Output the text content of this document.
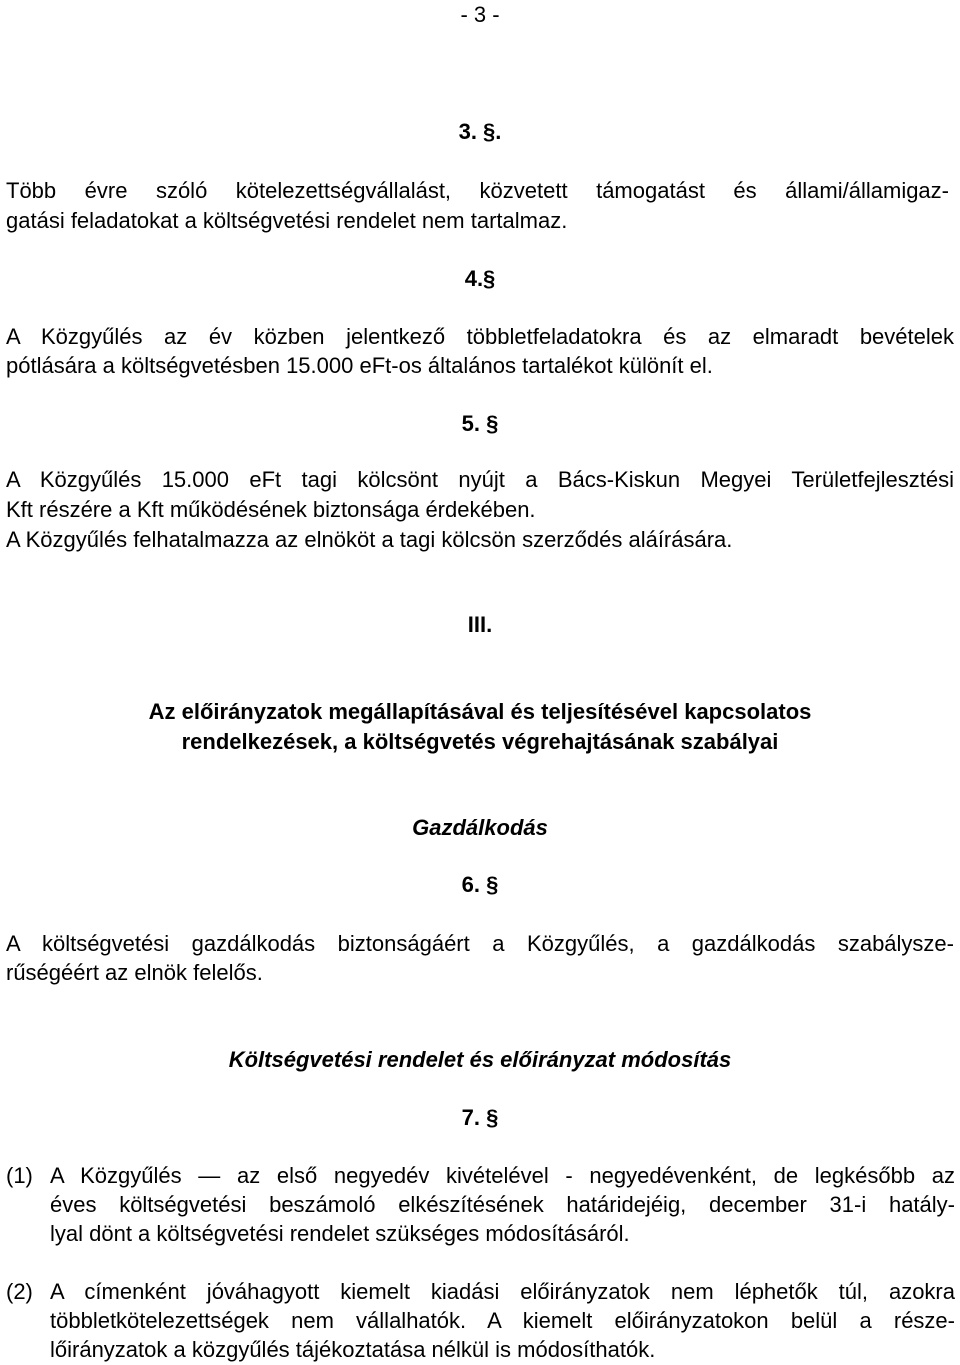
- 3 -
3. §.
Több évre szóló kötelezettségvállalást, közvetett támogatást és állami/államigaz-
gatási feladatokat a költségvetési rendelet nem tartalmaz.
4.§
A Közgyűlés az év közben jelentkező többletfeladatokra és az elmaradt bevételek
pótlására a költségvetésben 15.000 eFt-os általános tartalékot különít el.
5. §
A Közgyűlés 15.000 eFt tagi kölcsönt nyújt a Bács-Kiskun Megyei Területfejlesztési
Kft részére a Kft működésének biztonsága érdekében.
A Közgyűlés felhatalmazza az elnököt a tagi kölcsön szerződés aláírására.
III.
Az előirányzatok megállapításával és teljesítésével kapcsolatos
rendelkezések, a költségvetés végrehajtásának szabályai
Gazdálkodás
6. §
A költségvetési gazdálkodás biztonságáért a Közgyűlés, a gazdálkodás szabálysze-
rűségéért az elnök felelős.
Költségvetési rendelet és előirányzat módosítás
7. §
(1) A Közgyűlés — az első negyedév kivételével - negyedévenként, de legkésőbb az
éves költségvetési beszámoló elkészítésének határidejéig, december 31-i hatály-
lyal dönt a költségvetési rendelet szükséges módosításáról.
(2) A címenként jóváhagyott kiemelt kiadási előirányzatok nem léphetők túl, azokra
többletkötelezettségek nem vállalhatók. A kiemelt előirányzatokon belül a része-
lőirányzatok a közgyűlés tájékoztatása nélkül is módosíthatók.
